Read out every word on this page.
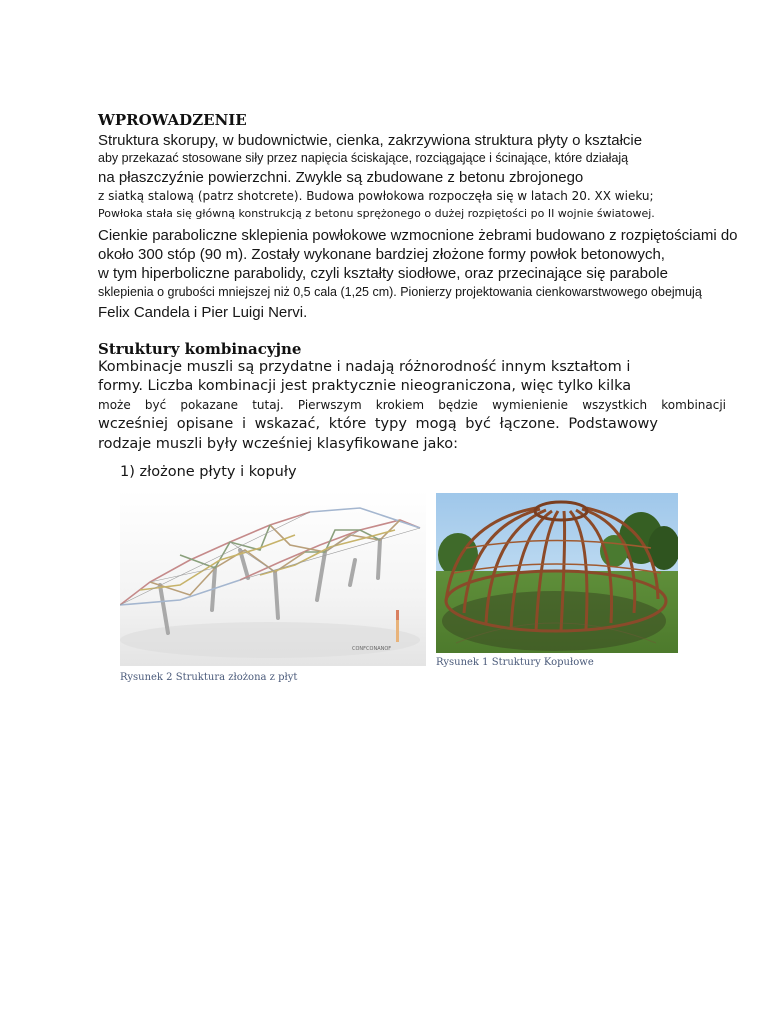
WPROWADZENIE
Struktura skorupy, w budownictwie, cienka, zakrzywiona struktura płyty o kształcie
aby przekazać stosowane siły przez napięcia ściskające, rozciągające i ścinające, które działają
na płaszczyźnie powierzchni. Zwykle są zbudowane z betonu zbrojonego
z siatką stalową (patrz shotcrete). Budowa powłokowa rozpoczęła się w latach 20. XX wieku;
Powłoka stała się główną konstrukcją z betonu sprężonego o dużej rozpiętości po II wojnie światowej.
Cienkie paraboliczne sklepienia powłokowe wzmocnione żebrami budowano z rozpiętościami do
około 300 stóp (90 m). Zostały wykonane bardziej złożone formy powłok betonowych,
w tym hiperboliczne parabolidy, czyli kształty siodłowe, oraz przecinające się parabole
sklepienia o grubości mniejszej niż 0,5 cala (1,25 cm). Pionierzy projektowania cienkowarstwowego obejmują
Felix Candela i Pier Luigi Nervi.
Struktury kombinacyjne
Kombinacje muszli są przydatne i nadają różnorodność innym kształtom i
formy. Liczba kombinacji jest praktycznie nieograniczona, więc tylko kilka
może być pokazane tutaj. Pierwszym krokiem będzie wymienienie wszystkich kombinacji
wcześniej opisane i wskazać, które typy mogą być łączone. Podstawowy
rodzaje muszli były wcześniej klasyfikowane jako:
1) złożone płyty i kopuły
CONFCONANOF
Rysunek 2 Struktura złożona z płyt
Rysunek 1 Struktury Kopułowe
